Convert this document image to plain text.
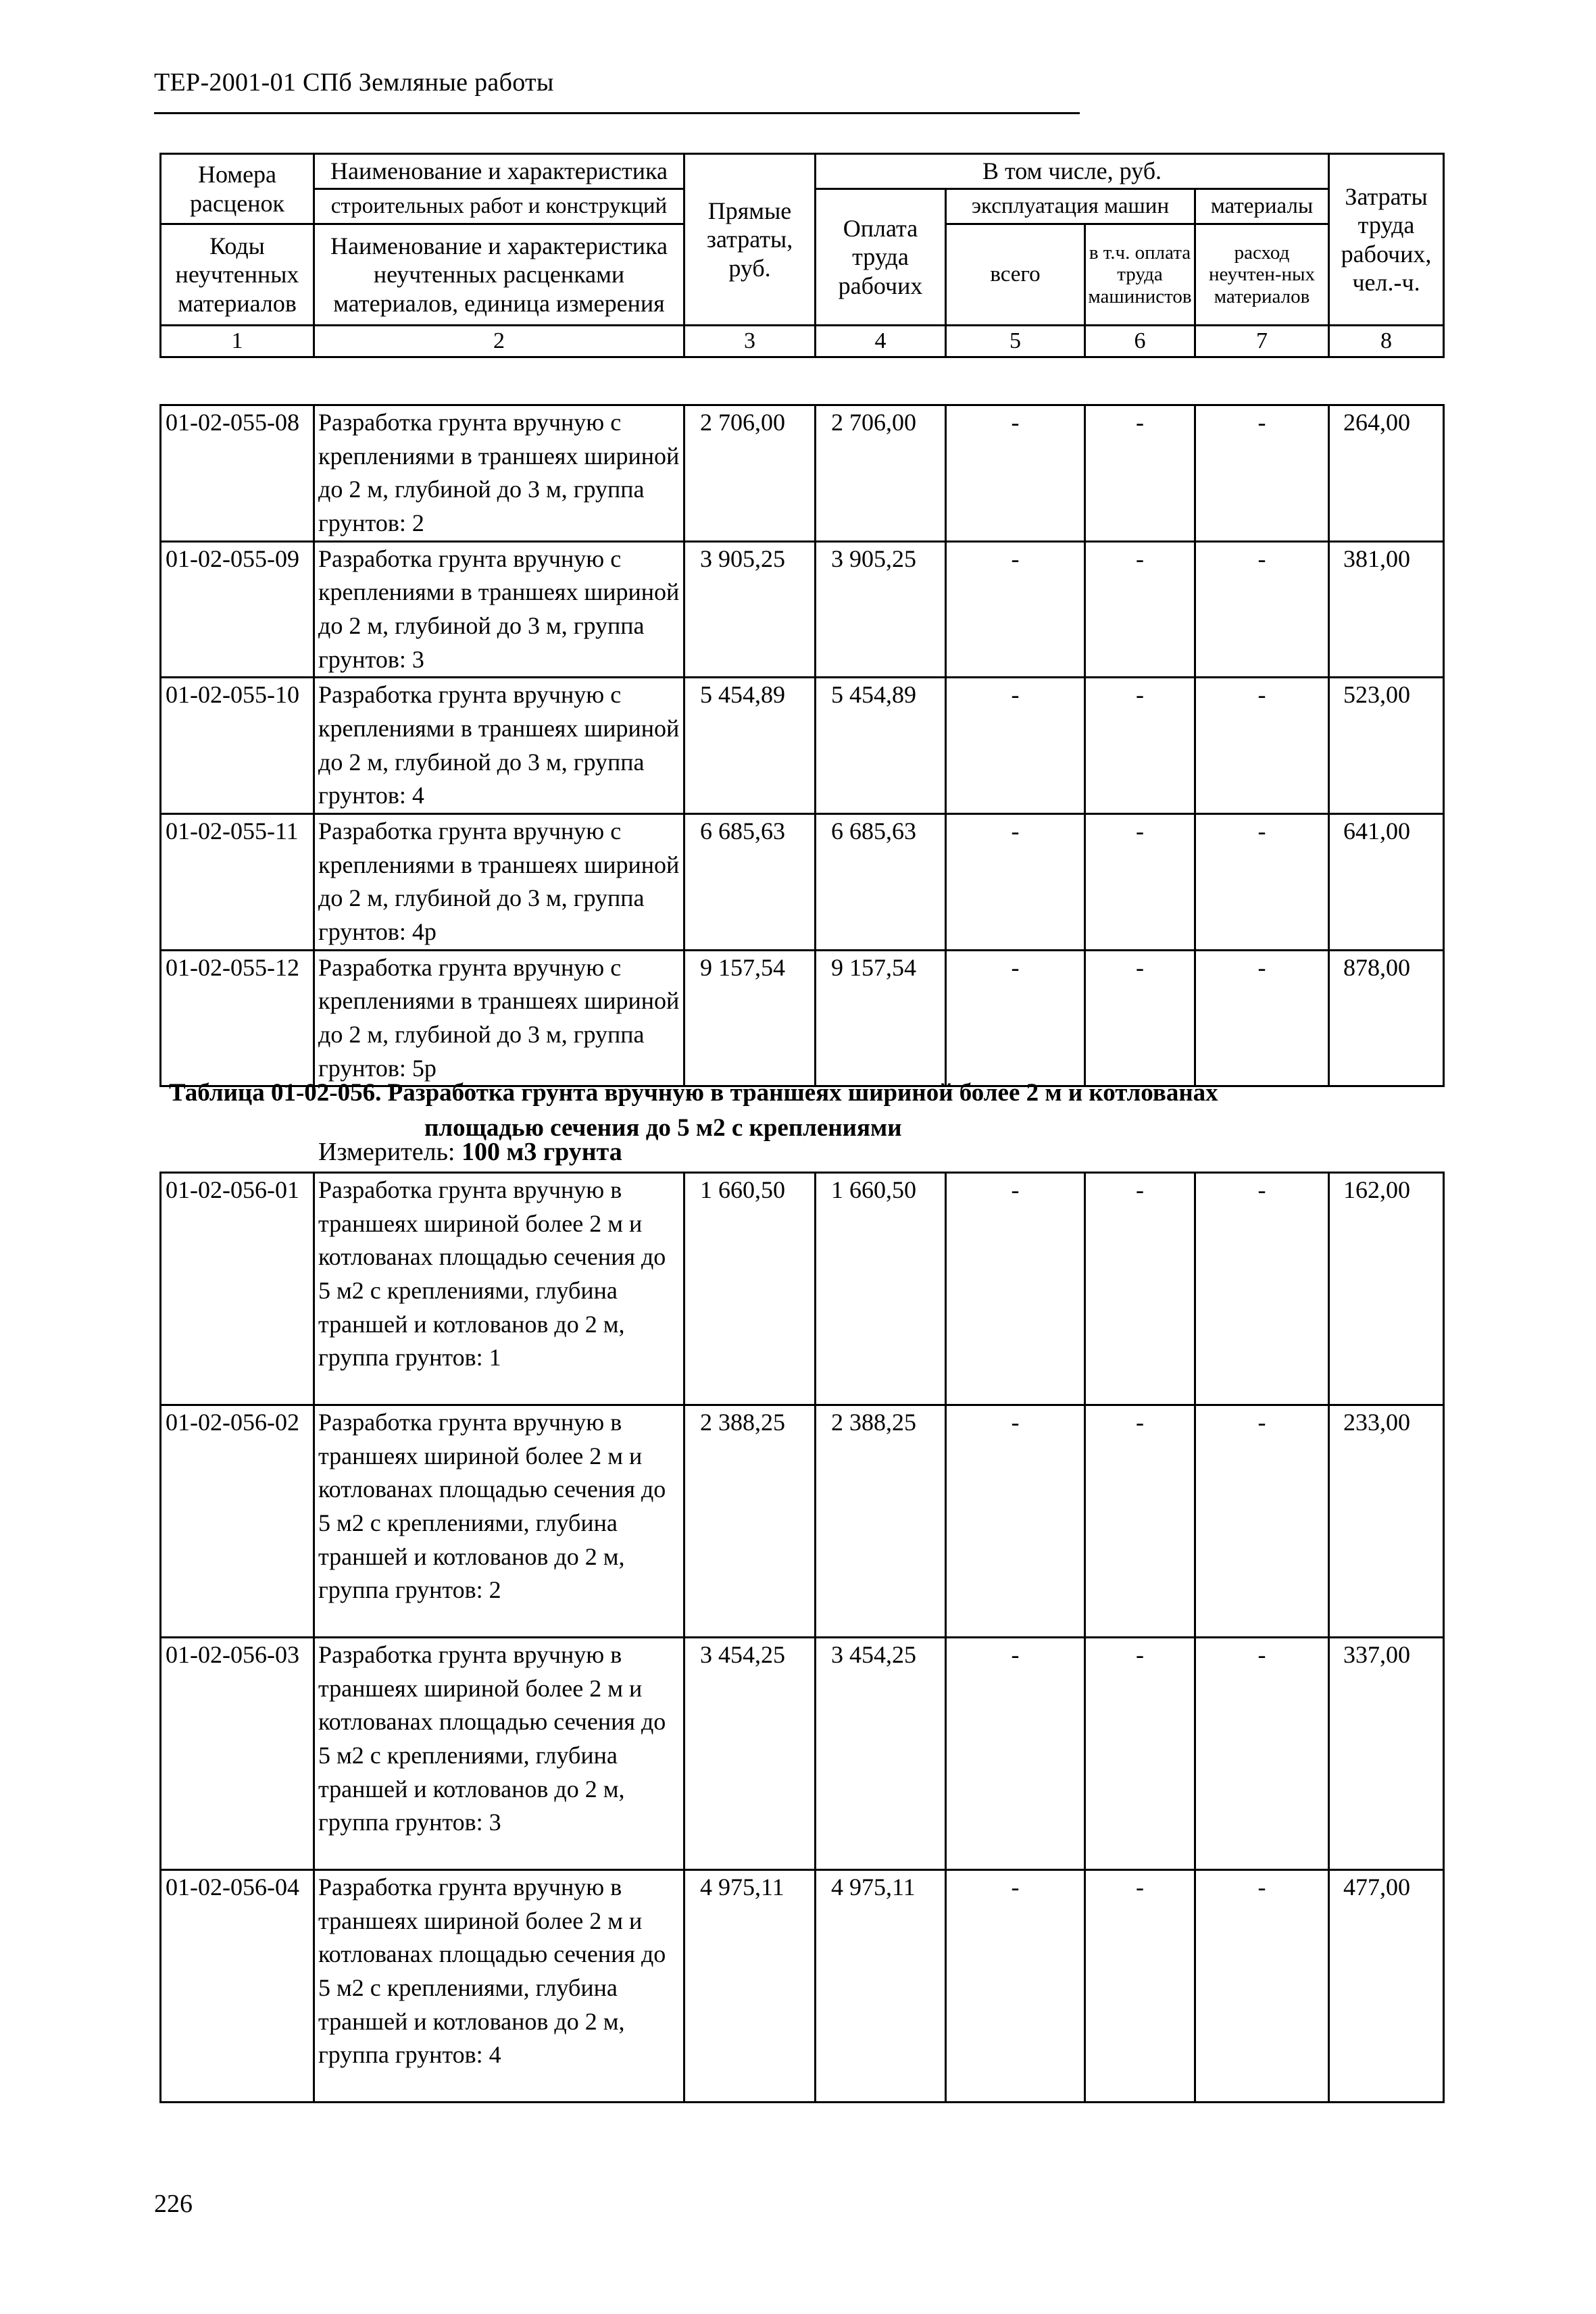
ТЕР-2001-01 СПб Земляные работы
Номера расценок	Наименование и характеристика	Прямые затраты, руб.	В том числе, руб.				Затраты труда рабочих, чел.-ч.
	строительных работ и конструкций		Оплата труда рабочих	эксплуатация машин		материалы	
Коды неучтенных материалов	Наименование и характеристика неучтенных расценками материалов, единица измерения			всего	в т.ч. оплата труда машинистов	расход неучтен-ных материалов	

1	2	3	4	5	6	7	8
01-02-055-08	Разработка грунта вручную с креплениями в траншеях шириной до 2 м, глубиной до 3 м, группа грунтов: 2	2 706,00	2 706,00	-	-	-	264,00
01-02-055-09	Разработка грунта вручную с креплениями в траншеях шириной до 2 м, глубиной до 3 м, группа грунтов: 3	3 905,25	3 905,25	-	-	-	381,00
01-02-055-10	Разработка грунта вручную с креплениями в траншеях шириной до 2 м, глубиной до 3 м, группа грунтов: 4	5 454,89	5 454,89	-	-	-	523,00
01-02-055-11	Разработка грунта вручную с креплениями в траншеях шириной до 2 м, глубиной до 3 м, группа грунтов: 4р	6 685,63	6 685,63	-	-	-	641,00
01-02-055-12	Разработка грунта вручную с креплениями в траншеях шириной до 2 м, глубиной до 3 м, группа грунтов: 5р	9 157,54	9 157,54	-	-	-	878,00
Таблица 01-02-056. Разработка грунта вручную в траншеях шириной более 2 м и котлованах
площадью сечения до 5 м2 с креплениями
Измеритель: 100 м3 грунта
01-02-056-01	Разработка грунта вручную в траншеях шириной более 2 м и котлованах площадью сечения до 5 м2 с креплениями, глубина траншей и котлованов до 2 м, группа грунтов: 1	1 660,50	1 660,50	-	-	-	162,00
01-02-056-02	Разработка грунта вручную в траншеях шириной более 2 м и котлованах площадью сечения до 5 м2 с креплениями, глубина траншей и котлованов до 2 м, группа грунтов: 2	2 388,25	2 388,25	-	-	-	233,00
01-02-056-03	Разработка грунта вручную в траншеях шириной более 2 м и котлованах площадью сечения до 5 м2 с креплениями, глубина траншей и котлованов до 2 м, группа грунтов: 3	3 454,25	3 454,25	-	-	-	337,00
01-02-056-04	Разработка грунта вручную в траншеях шириной более 2 м и котлованах площадью сечения до 5 м2 с креплениями, глубина траншей и котлованов до 2 м, группа грунтов: 4	4 975,11	4 975,11	-	-	-	477,00
226
